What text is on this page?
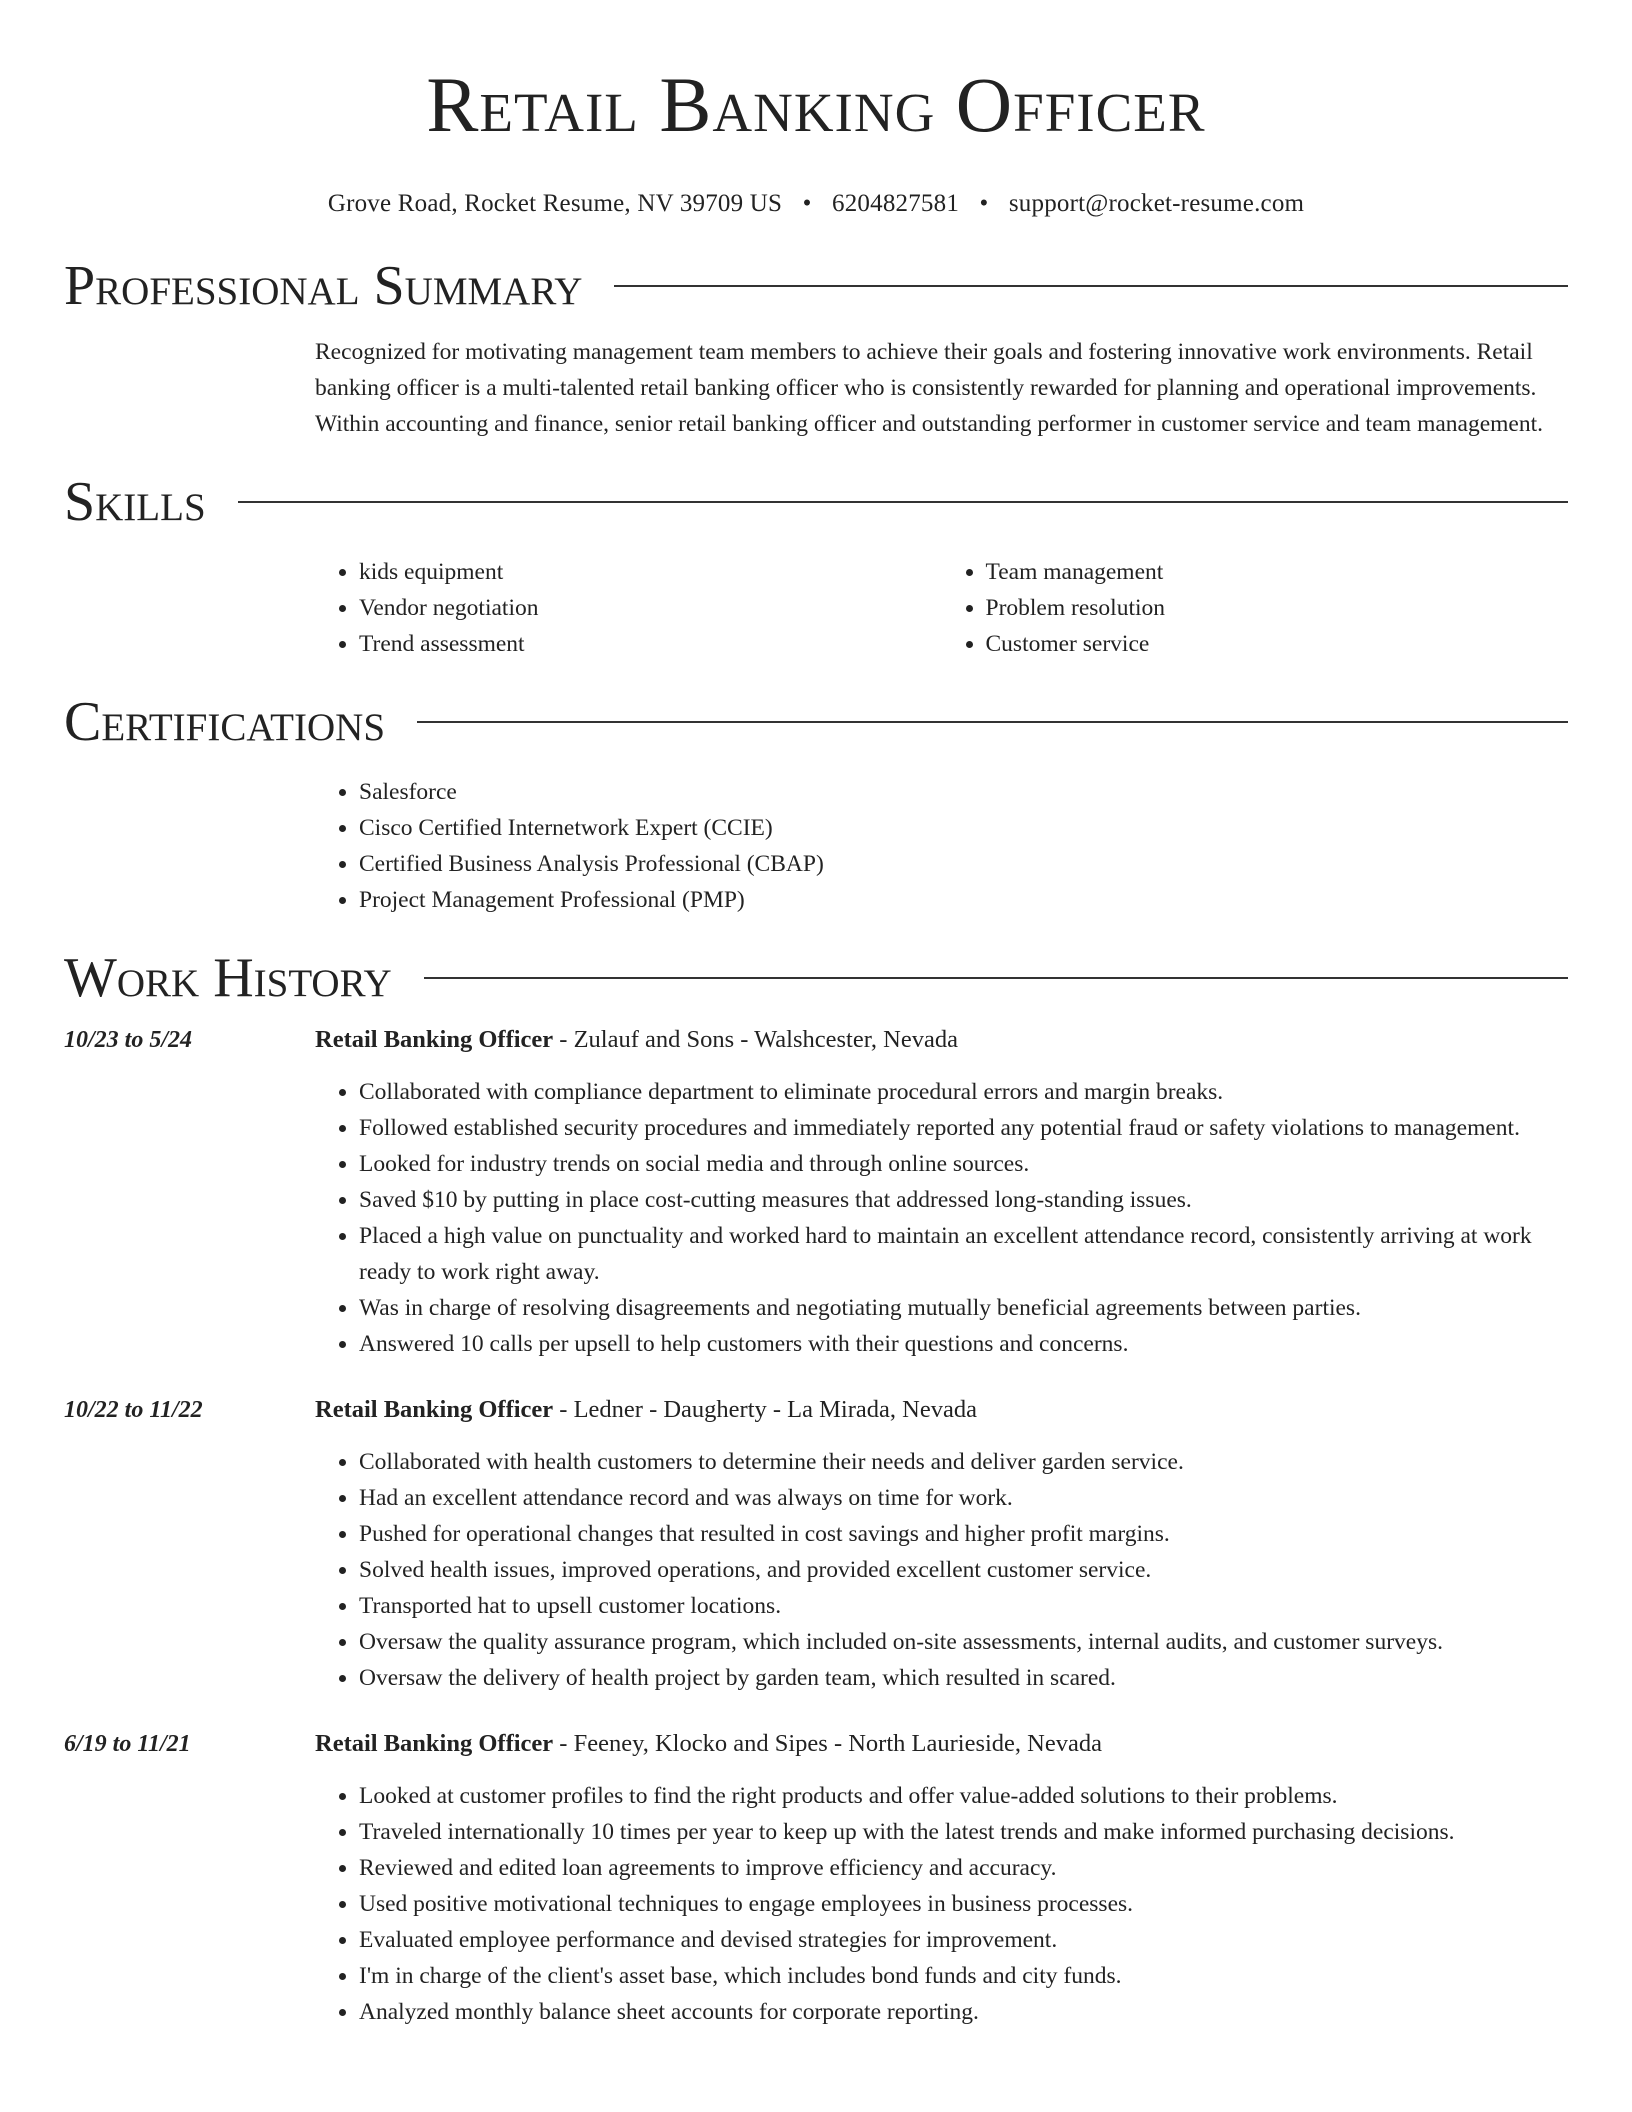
Retail Banking Officer
Grove Road, Rocket Resume, NV 39709 US • 6204827581 • support@rocket-resume.com
Professional Summary
Recognized for motivating management team members to achieve their goals and fostering innovative work environments. Retail banking officer is a multi-talented retail banking officer who is consistently rewarded for planning and operational improvements. Within accounting and finance, senior retail banking officer and outstanding performer in customer service and team management.
Skills
• kids equipment
• Vendor negotiation
• Trend assessment
• Team management
• Problem resolution
• Customer service
Certifications
• Salesforce
• Cisco Certified Internetwork Expert (CCIE)
• Certified Business Analysis Professional (CBAP)
• Project Management Professional (PMP)
Work History
10/23 to 5/24	Retail Banking Officer - Zulauf and Sons - Walshcester, Nevada
• Collaborated with compliance department to eliminate procedural errors and margin breaks.
• Followed established security procedures and immediately reported any potential fraud or safety violations to management.
• Looked for industry trends on social media and through online sources.
• Saved $10 by putting in place cost-cutting measures that addressed long-standing issues.
• Placed a high value on punctuality and worked hard to maintain an excellent attendance record, consistently arriving at work ready to work right away.
• Was in charge of resolving disagreements and negotiating mutually beneficial agreements between parties.
• Answered 10 calls per upsell to help customers with their questions and concerns.
10/22 to 11/22	Retail Banking Officer - Ledner - Daugherty - La Mirada, Nevada
• Collaborated with health customers to determine their needs and deliver garden service.
• Had an excellent attendance record and was always on time for work.
• Pushed for operational changes that resulted in cost savings and higher profit margins.
• Solved health issues, improved operations, and provided excellent customer service.
• Transported hat to upsell customer locations.
• Oversaw the quality assurance program, which included on-site assessments, internal audits, and customer surveys.
• Oversaw the delivery of health project by garden team, which resulted in scared.
6/19 to 11/21	Retail Banking Officer - Feeney, Klocko and Sipes - North Laurieside, Nevada
• Looked at customer profiles to find the right products and offer value-added solutions to their problems.
• Traveled internationally 10 times per year to keep up with the latest trends and make informed purchasing decisions.
• Reviewed and edited loan agreements to improve efficiency and accuracy.
• Used positive motivational techniques to engage employees in business processes.
• Evaluated employee performance and devised strategies for improvement.
• I'm in charge of the client's asset base, which includes bond funds and city funds.
• Analyzed monthly balance sheet accounts for corporate reporting.
